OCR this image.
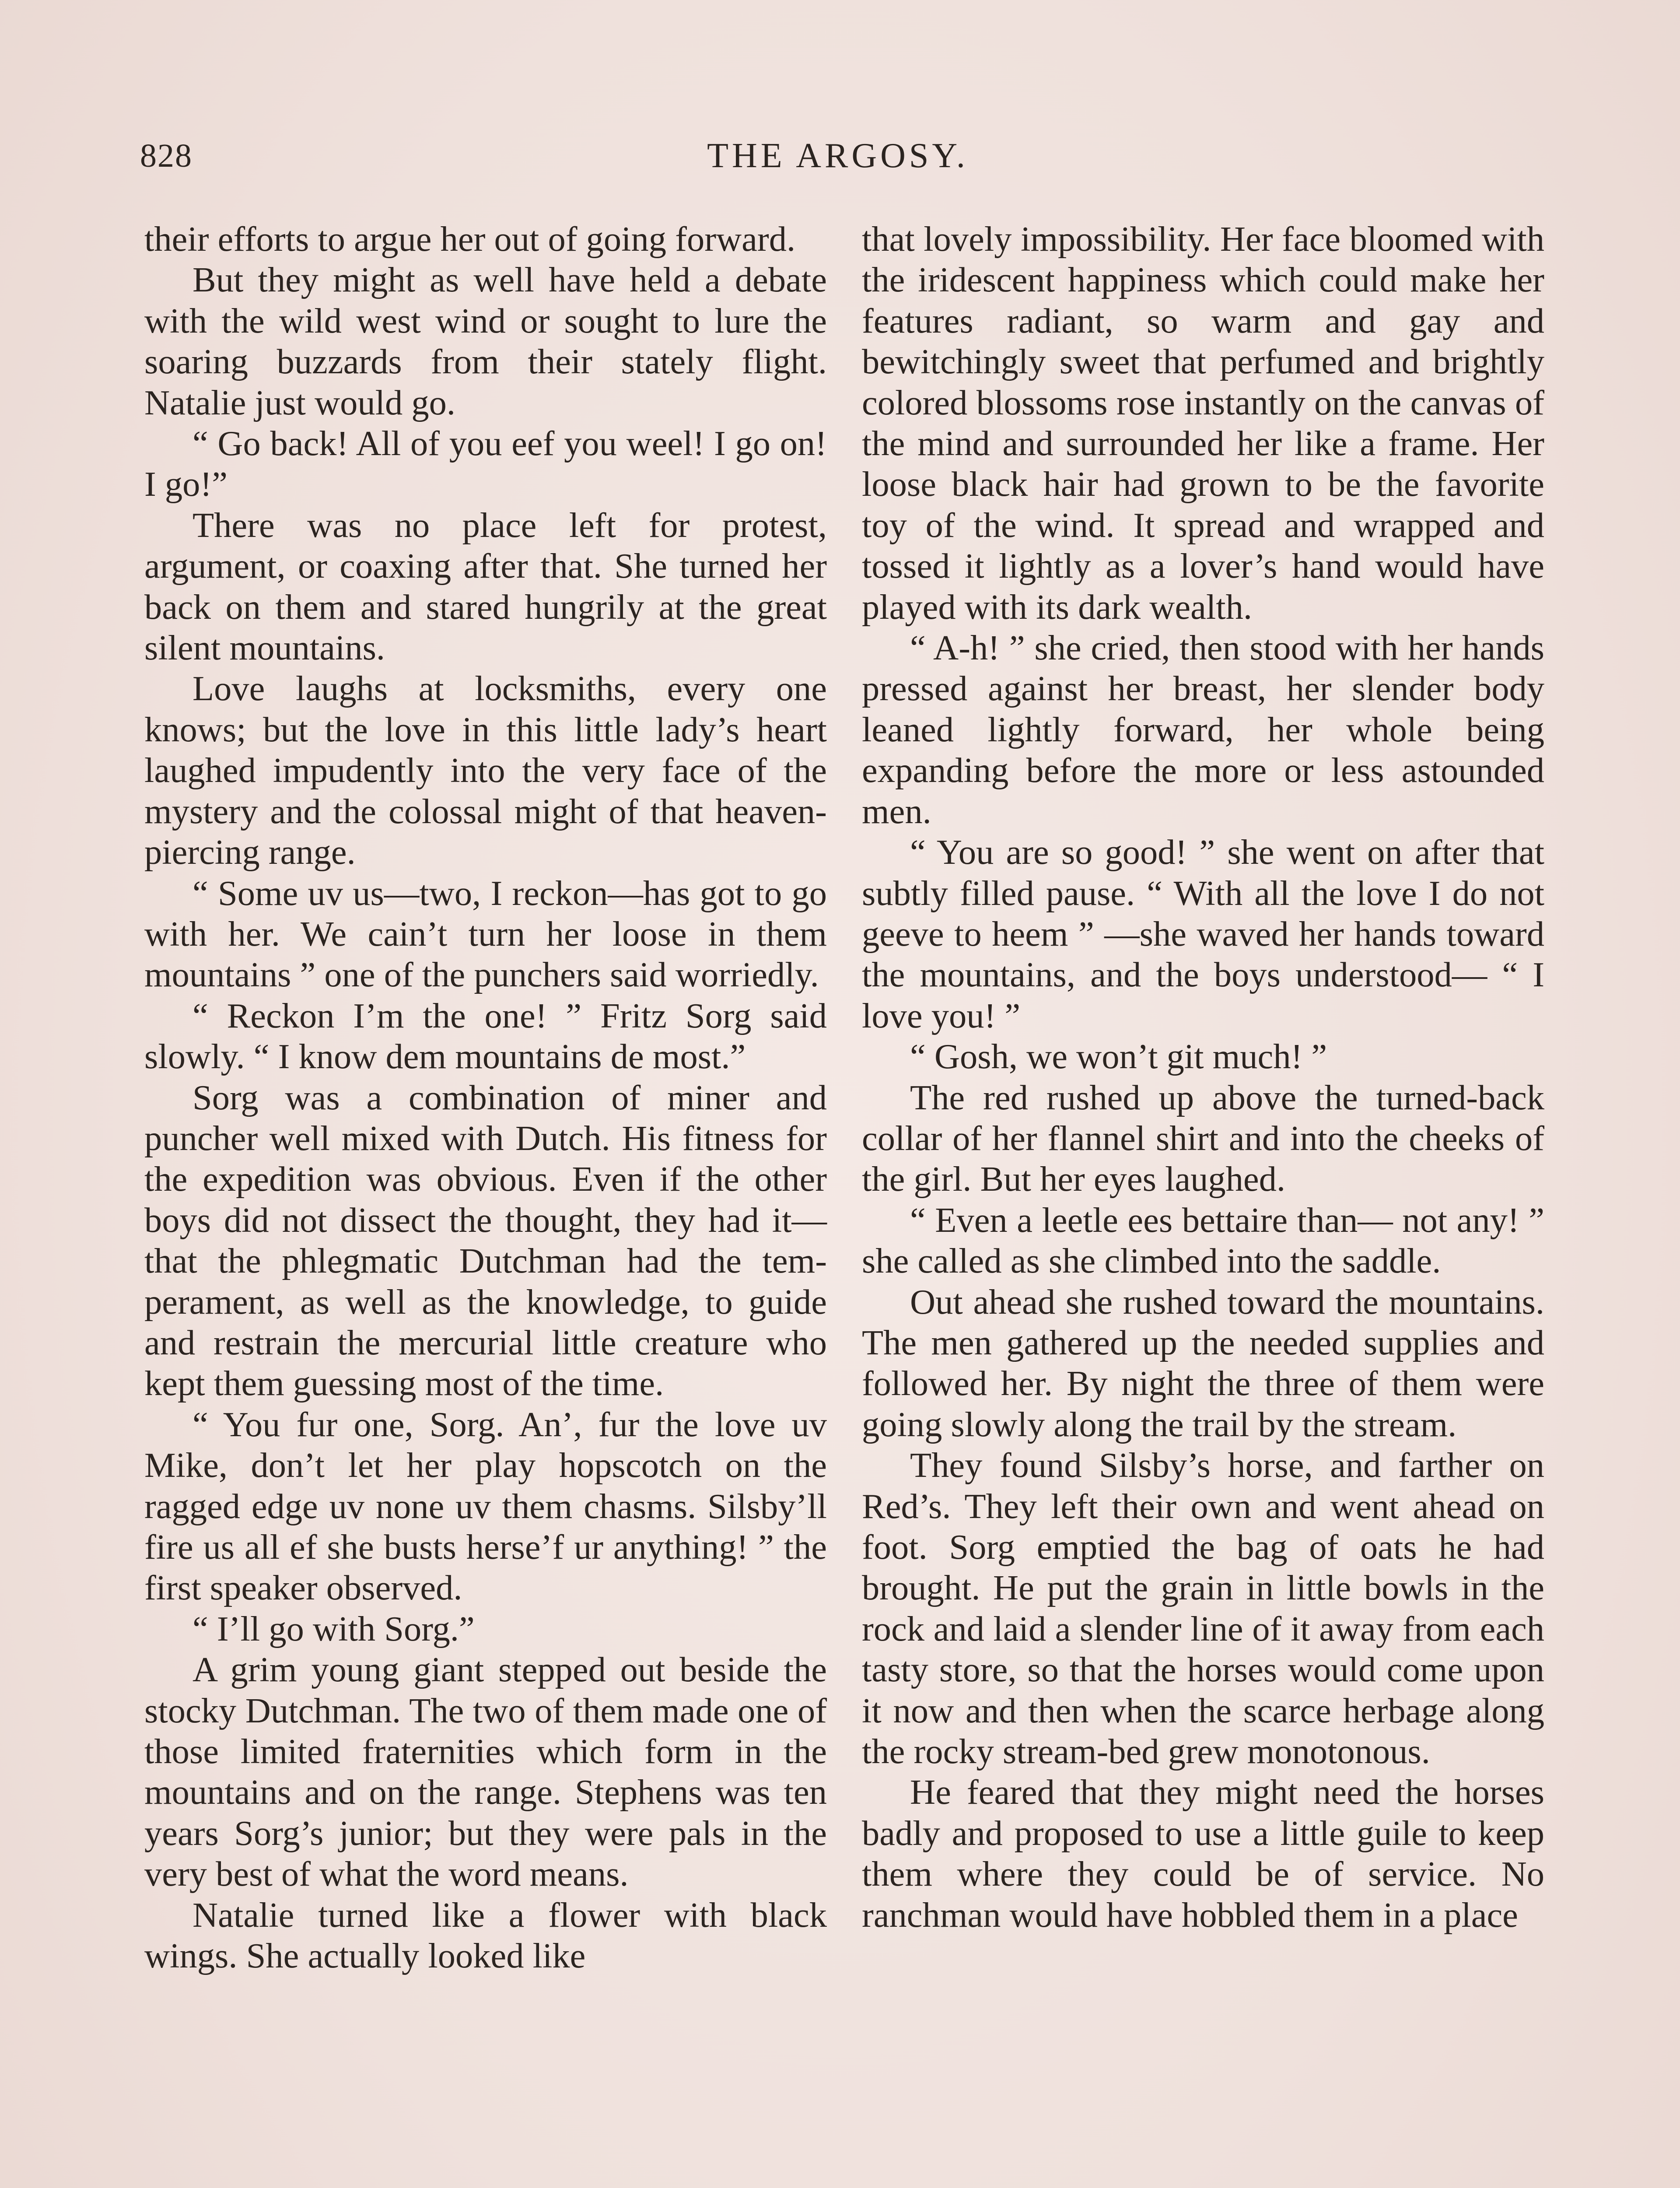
828	THE ARGOSY.

their efforts to argue her out of going forward.

But they might as well have held a debate with the wild west wind or sought to lure the soaring buzzards from their stately flight. Natalie just would go.

“ Go back! All of you eef you weel! I go on! I go!”

There was no place left for protest, argument, or coaxing after that. She turned her back on them and stared hungrily at the great silent mountains.

Love laughs at locksmiths, every one knows; but the love in this little lady’s heart laughed impudently into the very face of the mystery and the colossal might of that heaven-piercing range.

“ Some uv us—two, I reckon—has got to go with her. We cain’t turn her loose in them mountains ” one of the punchers said worriedly.

“ Reckon I’m the one! ” Fritz Sorg said slowly. “ I know dem mountains de most.”

Sorg was a combination of miner and puncher well mixed with Dutch. His fitness for the expedition was obvious. Even if the other boys did not dissect the thought, they had it—that the phlegmatic Dutchman had the temperament, as well as the knowledge, to guide and restrain the mercurial little creature who kept them guessing most of the time.

“ You fur one, Sorg. An’, fur the love uv Mike, don’t let her play hopscotch on the ragged edge uv none uv them chasms. Silsby’ll fire us all ef she busts herse’f ur anything! ” the first speaker observed.

“ I’ll go with Sorg.”

A grim young giant stepped out beside the stocky Dutchman. The two of them made one of those limited fraternities which form in the mountains and on the range. Stephens was ten years Sorg’s junior; but they were pals in the very best of what the word means.

Natalie turned like a flower with black wings. She actually looked like

that lovely impossibility. Her face bloomed with the iridescent happiness which could make her features radiant, so warm and gay and bewitchingly sweet that perfumed and brightly colored blossoms rose instantly on the canvas of the mind and surrounded her like a frame. Her loose black hair had grown to be the favorite toy of the wind. It spread and wrapped and tossed it lightly as a lover’s hand would have played with its dark wealth.

“ A-h! ” she cried, then stood with her hands pressed against her breast, her slender body leaned lightly forward, her whole being expanding before the more or less astounded men.

“ You are so good! ” she went on after that subtly filled pause. “ With all the love I do not geeve to heem ” —she waved her hands toward the mountains, and the boys understood— “ I love you! ”

“ Gosh, we won’t git much! ”

The red rushed up above the turned-back collar of her flannel shirt and into the cheeks of the girl. But her eyes laughed.

“ Even a leetle ees bettaire than— not any! ” she called as she climbed into the saddle.

Out ahead she rushed toward the mountains. The men gathered up the needed supplies and followed her. By night the three of them were going slowly along the trail by the stream.

They found Silsby’s horse, and farther on Red’s. They left their own and went ahead on foot. Sorg emptied the bag of oats he had brought. He put the grain in little bowls in the rock and laid a slender line of it away from each tasty store, so that the horses would come upon it now and then when the scarce herbage along the rocky stream-bed grew monotonous.

He feared that they might need the horses badly and proposed to use a little guile to keep them where they could be of service. No ranchman would have hobbled them in a place
